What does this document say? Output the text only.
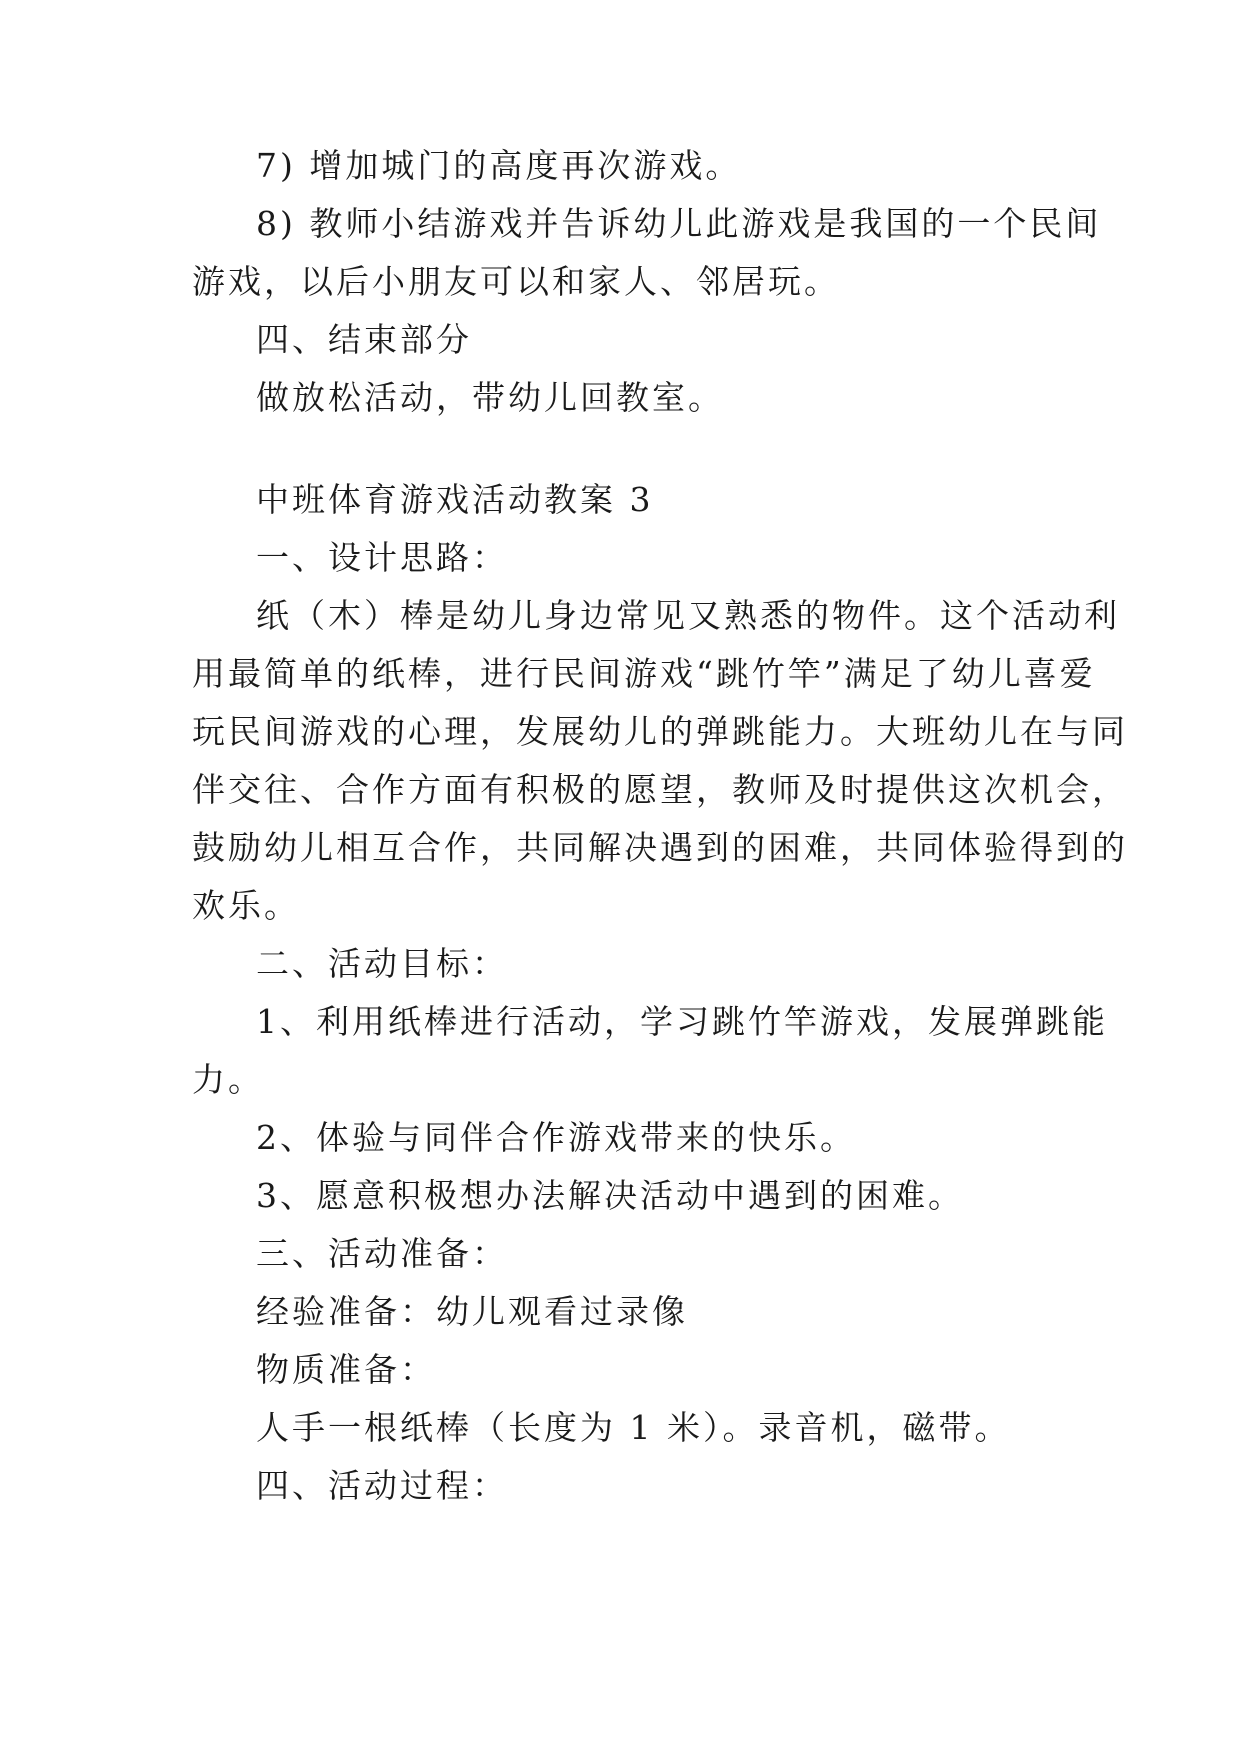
7) 增加城门的高度再次游戏。
8) 教师小结游戏并告诉幼儿此游戏是我国的一个民间
游戏，以后小朋友可以和家人、邻居玩。
四、结束部分
做放松活动，带幼儿回教室。
中班体育游戏活动教案 3
一、设计思路：
纸（木）棒是幼儿身边常见又熟悉的物件。这个活动利
用最简单的纸棒，进行民间游戏“跳竹竿”满足了幼儿喜爱
玩民间游戏的心理，发展幼儿的弹跳能力。大班幼儿在与同
伴交往、合作方面有积极的愿望，教师及时提供这次机会，
鼓励幼儿相互合作，共同解决遇到的困难，共同体验得到的
欢乐。
二、活动目标：
1、利用纸棒进行活动，学习跳竹竿游戏，发展弹跳能
力。
2、体验与同伴合作游戏带来的快乐。
3、愿意积极想办法解决活动中遇到的困难。
三、活动准备：
经验准备：幼儿观看过录像
物质准备：
人手一根纸棒（长度为 1 米）。录音机，磁带。
四、活动过程：
